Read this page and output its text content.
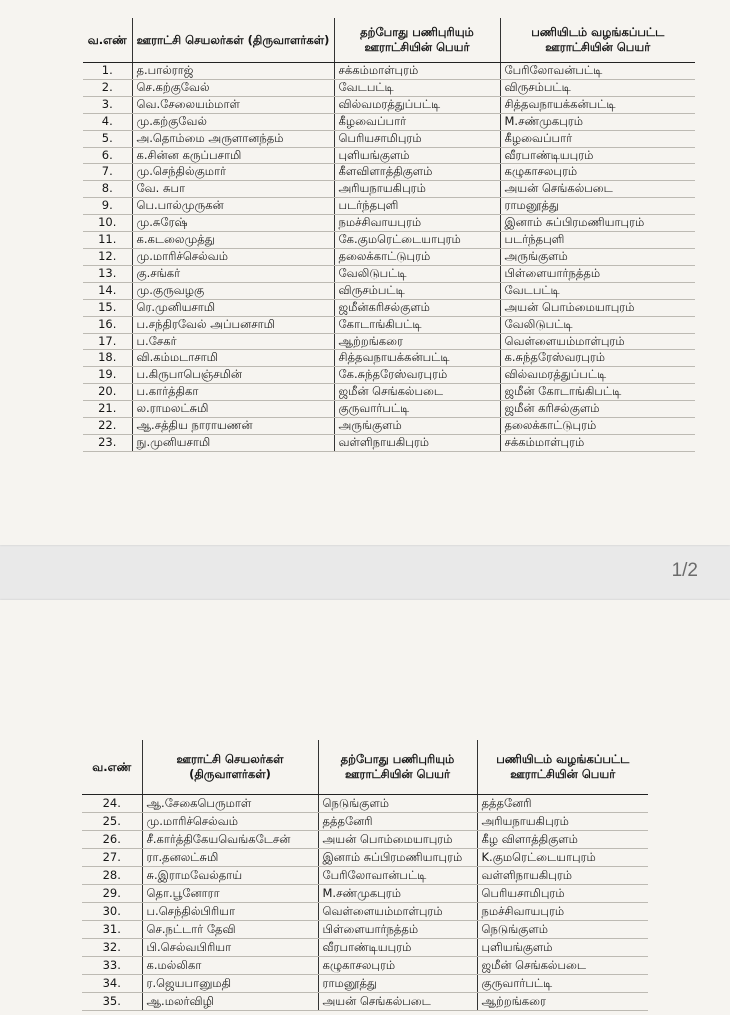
1/2
வ.எண்	ஊராட்சி செயலர்கள் (திருவாளர்கள்)	தற்போது பணிபுரியும் ஊராட்சியின் பெயர்	பணியிடம் வழங்கப்பட்ட ஊராட்சியின் பெயர்
1.	த.பால்ராஜ்	சக்கம்மாள்புரம்	பேரிலோவன்பட்டி
2.	செ.கற்குவேல்	வேடபட்டி	விருசம்பட்டி
3.	வெ.சேலையம்மாள்	வில்வமரத்துப்பட்டி	சித்தவநாயக்கன்பட்டி
4.	மு.கற்குவேல்	கீழவைப்பார்	M.சண்முகபுரம்
5.	அ.தொம்மை அருளானந்தம்	பெரியசாமிபுரம்	கீழவைப்பார்
6.	க.சின்ன கருப்பசாமி	புளியங்குளம்	வீரபாண்டியபுரம்
7.	மு.செந்தில்குமார்	கீளவிளாத்திகுளம்	கழுகாசலபுரம்
8.	வே. சுபா	அரியநாயகிபுரம்	அயன் செங்கல்படை
9.	பெ.பால்முருகன்	படர்ந்தபுளி	ராமனூத்து
10.	மு.சுரேஷ்	நமச்சிவாயபுரம்	இனாம் சுப்பிரமணியாபுரம்
11.	க.கடலைமுத்து	கே.குமரெட்டையாபுரம்	படர்ந்தபுளி
12.	மு.மாரிச்செல்வம்	தலைக்காட்டுபுரம்	அருங்குளம்
13.	கு.சங்கர்	வேலிடுபட்டி	பிள்ளையார்நத்தம்
14.	மு.குருவழகு	விருசம்பட்டி	வேடபட்டி
15.	ரெ.முனியசாமி	ஜமீன்கரிசல்குளம்	அயன் பொம்மையாபுரம்
16.	ப.சந்திரவேல் அப்பனசாமி	கோடாங்கிபட்டி	வேலிடுபட்டி
17.	ப.சேகர்	ஆற்றங்கரை	வெள்ளையம்மாள்புரம்
18.	வி.கம்மடாசாமி	சித்தவநாயக்கன்பட்டி	க.சுந்தரேஸ்வரபுரம்
19.	ப.கிருபாபெஞ்சமின்	கே.சுந்தரேஸ்வரபுரம்	வில்வமரத்துப்பட்டி
20.	ப.கார்த்திகா	ஜமீன் செங்கல்படை	ஜமீன் கோடாங்கிபட்டி
21.	ல.ராமலட்சுமி	குருவார்பட்டி	ஜமீன் கரிசல்குளம்
22.	ஆ.சத்திய நாராயணன்	அருங்குளம்	தலைக்காட்டுபுரம்
23.	நு.முனியசாமி	வள்ளிநாயகிபுரம்	சக்கம்மாள்புரம்
வ.எண்	ஊராட்சி செயலர்கள் (திருவாளர்கள்)	தற்போது பணிபுரியும் ஊராட்சியின் பெயர்	பணியிடம் வழங்கப்பட்ட ஊராட்சியின் பெயர்
24.	ஆ.சேகைபெருமாள்	நெடுங்குளம்	தத்தனேரி
25.	மு.மாரிச்செல்வம்	தத்தனேரி	அரியநாயகிபுரம்
26.	சீ.கார்த்திகேயவெங்கடேசன்	அயன் பொம்மையாபுரம்	கீழ விளாத்திகுளம்
27.	ரா.தனலட்சுமி	இனாம் சுப்பிரமணியாபுரம்	K.குமரெட்டையாபுரம்
28.	சு.இராமவேல்தாய்	பேரிலோவான்பட்டி	வள்ளிநாயகிபுரம்
29.	தொ.பூனோரா	M.சண்முகபுரம்	பெரியசாமிபுரம்
30.	ப.செந்தில்பிரியா	வெள்ளையம்மாள்புரம்	நமச்சிவாயபுரம்
31.	செ.நட்டார் தேவி	பிள்ளையார்நத்தம்	நெடுங்குளம்
32.	பி.செல்வபிரியா	வீரபாண்டியபுரம்	புளியங்குளம்
33.	க.மல்லிகா	கழுகாசலபுரம்	ஜமீன் செங்கல்படை
34.	ர.ஜெயபானுமதி	ராமனூத்து	குருவார்பட்டி
35.	ஆ.மலர்விழி	அயன் செங்கல்படை	ஆற்றங்கரை
